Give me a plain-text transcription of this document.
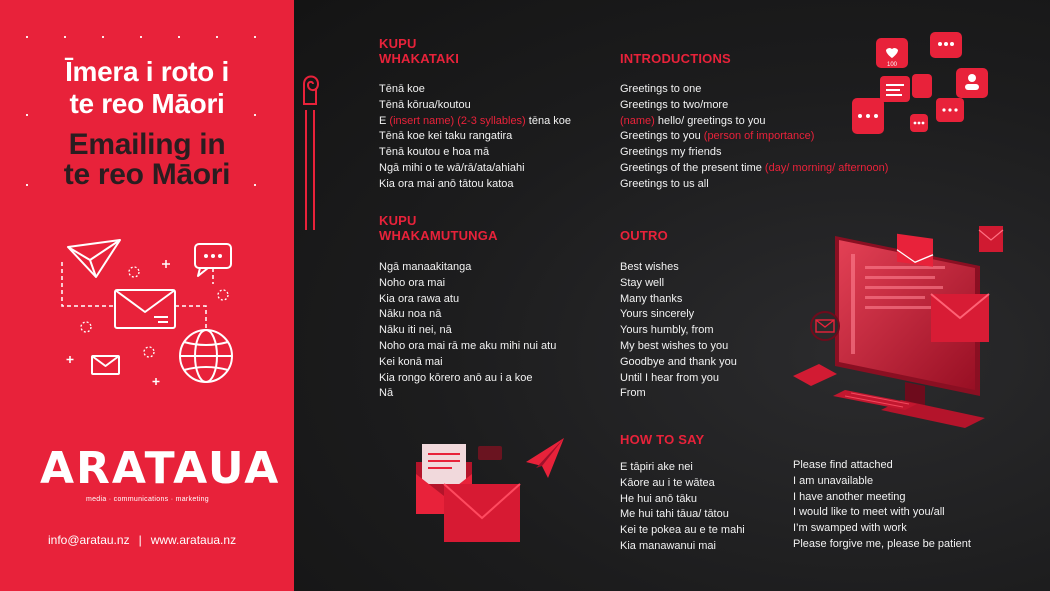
Īmera i roto i
te reo Māori
Emailing in
te reo Māori
ARATAUA
media · communications · marketing
info@aratau.nz | www.arataua.nz
KUPU
WHAKATAKI
Tēnā koe
Tēnā kōrua/koutou
E (insert name) (2-3 syllables) tēna koe
Tēnā koe kei taku rangatira
Tēnā koutou e hoa mā
Ngā mihi o te wā/rā/ata/ahiahi
Kia ora mai anō tātou katoa
INTRODUCTIONS
Greetings to one
Greetings to two/more
(name) hello/ greetings to you
Greetings to you (person of importance)
Greetings my friends
Greetings of the present time (day/ morning/ afternoon)
Greetings to us all
KUPU
WHAKAMUTUNGA
Ngā manaakitanga
Noho ora mai
Kia ora rawa atu
Nāku noa nā
Nāku iti nei, nā
Noho ora mai rā me aku mihi nui atu
Kei konā mai
Kia rongo kōrero anō au i a koe
Nā
OUTRO
Best wishes
Stay well
Many thanks
Yours sincerely
Yours humbly, from
My best wishes to you
Goodbye and thank you
Until I hear from you
From
HOW TO SAY
E tāpiri ake nei
Kāore au i te wātea
He hui anō tāku
Me hui tahi tāua/ tātou
Kei te pokea au e te mahi
Kia manawanui mai
Please find attached
I am unavailable
I have another meeting
I would like to meet with you/all
I’m swamped with work
Please forgive me, please be patient
100
